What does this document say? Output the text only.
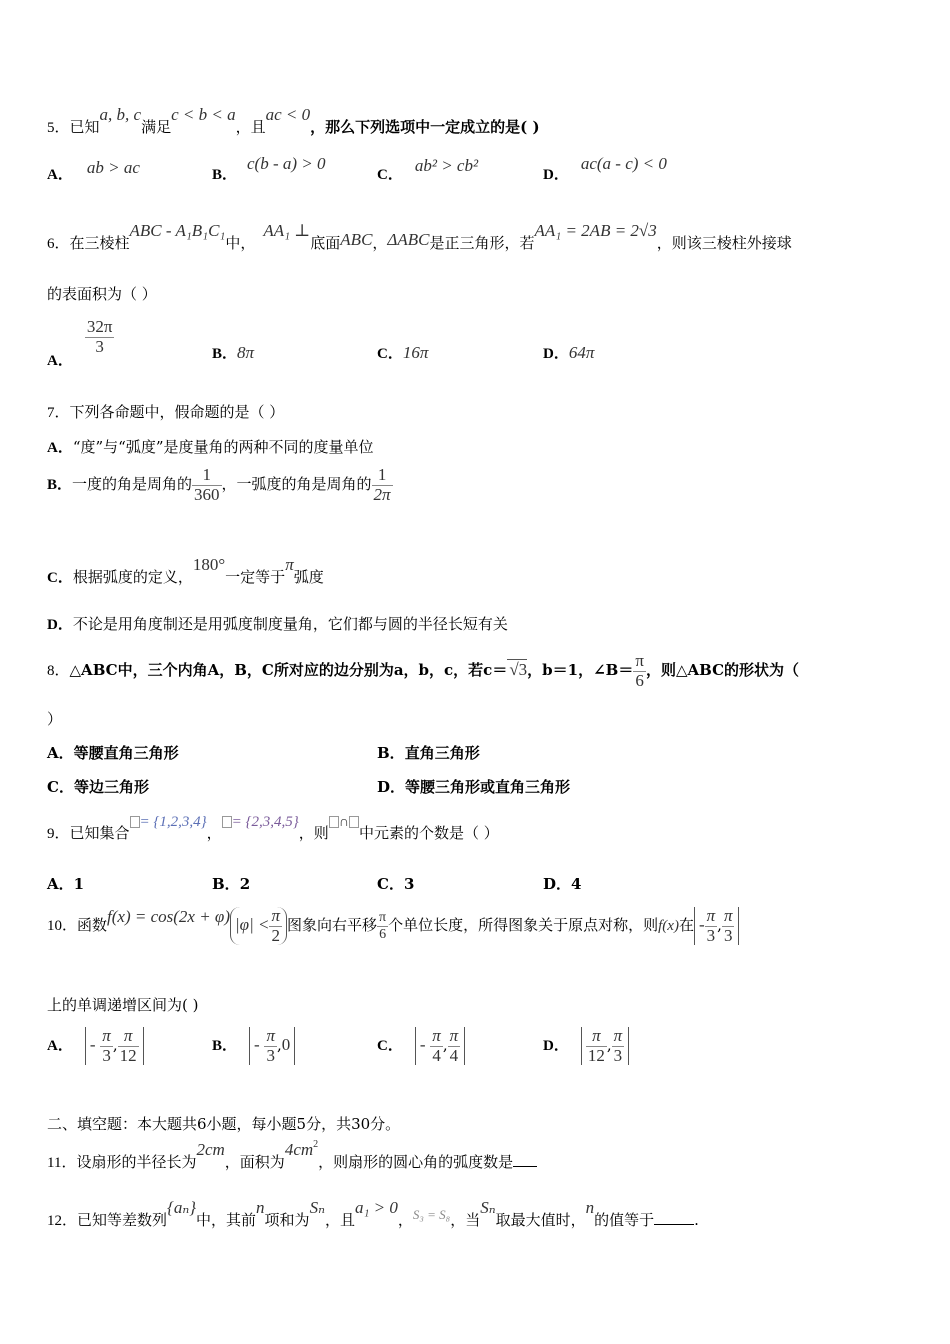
5．已知a, b, c满足c < b < a，且ac < 0，那么下列选项中一定成立的是( )
A． ab > ac	B．c(b - a) > 0
C． ab² > cb²	D．ac(a - c) < 0
6．在三棱柱ABC - A₁B₁C₁中，AA₁ ⊥底面ABC，ΔABC是正三角形，若AA₁ = 2AB = 2√3，则该三棱柱外接球
的表面积为（ ）
A．
$\frac{32\pi}{3}$	B．8π	C．16π	D．64π
7．下列各命题中，假命题的是（ ）
A．“度”与“弧度”是度量角的两种不同的度量单位
B．一度的角是周角的 $\frac{1}{360}$ ，一弧度的角是周角的 $\frac{1}{2\pi}$
C．根据弧度的定义，180°一定等于π弧度
D．不论是用角度制还是用弧度制度量角，它们都与圆的半径长短有关
8．△ABC中，三个内角A，B，C所对应的边分别为a，b，c，若c＝ √3，b＝1，∠B＝ $\frac{\pi}{6}$ ，则△ABC的形状为（
）
A．等腰直角三角形	B．直角三角形
C．等边三角形	D．等腰三角形或直角三角形
9．已知集合= {1,2,3,4}，= {2,3,4,5}，则∩中元素的个数是（ ）
A．1	B．2	C．3	D．4
10．函数f(x) = cos(2x + φ) $|\varphi| < \frac{\pi}{2}$ 图象向右平移 $\frac{\pi}{6}$ 个单位长度，所得图象关于原点对称，则f(x)在 - $\frac{\pi}{3}$ , $\frac{\pi}{3}$
上的单调递增区间为( )
A． - $\frac{\pi}{3}$ , $\frac{\pi}{12}$	B． - $\frac{\pi}{3} ,0$	C． - $\frac{\pi}{4}$ , $\frac{\pi}{4}$	D． $\frac{\pi}{12}$ , $\frac{\pi}{3}$
二、填空题：本大题共6小题，每小题5分，共30分。
11．设扇形的半径长为2cm，面积为$4cm^2$，则扇形的圆心角的弧度数是
12．已知等差数列{aₙ}中，其前n项和为Sₙ，且a₁ > 0，S₃ = S₈，当Sₙ取最大值时，n的值等于	.
